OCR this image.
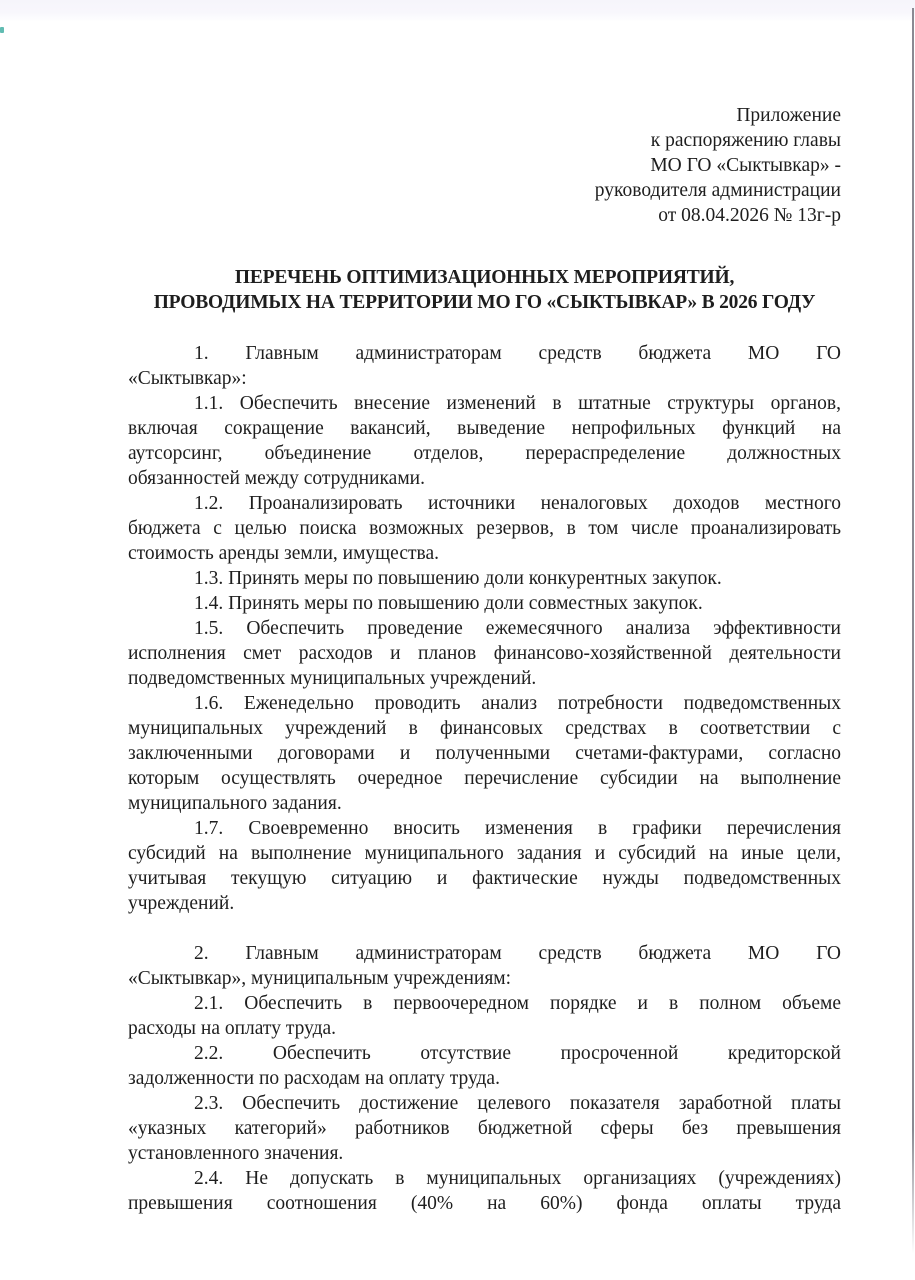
Приложение
к распоряжению главы
МО ГО «Сыктывкар» -
руководителя администрации
от 08.04.2026 № 13г-р
ПЕРЕЧЕНЬ ОПТИМИЗАЦИОННЫХ МЕРОПРИЯТИЙ,
ПРОВОДИМЫХ НА ТЕРРИТОРИИ МО ГО «СЫКТЫВКАР» В 2026 ГОДУ
1. Главным администраторам средств бюджета МО ГО
«Сыктывкар»:
1.1. Обеспечить внесение изменений в штатные структуры органов,
включая сокращение вакансий, выведение непрофильных функций на
аутсорсинг, объединение отделов, перераспределение должностных
обязанностей между сотрудниками.
1.2. Проанализировать источники неналоговых доходов местного
бюджета с целью поиска возможных резервов, в том числе проанализировать
стоимость аренды земли, имущества.
1.3. Принять меры по повышению доли конкурентных закупок.
1.4. Принять меры по повышению доли совместных закупок.
1.5. Обеспечить проведение ежемесячного анализа эффективности
исполнения смет расходов и планов финансово-хозяйственной деятельности
подведомственных муниципальных учреждений.
1.6. Еженедельно проводить анализ потребности подведомственных
муниципальных учреждений в финансовых средствах в соответствии с
заключенными договорами и полученными счетами-фактурами, согласно
которым осуществлять очередное перечисление субсидии на выполнение
муниципального задания.
1.7. Своевременно вносить изменения в графики перечисления
субсидий на выполнение муниципального задания и субсидий на иные цели,
учитывая текущую ситуацию и фактические нужды подведомственных
учреждений.
2. Главным администраторам средств бюджета МО ГО
«Сыктывкар», муниципальным учреждениям:
2.1. Обеспечить в первоочередном порядке и в полном объеме
расходы на оплату труда.
2.2. Обеспечить отсутствие просроченной кредиторской
задолженности по расходам на оплату труда.
2.3. Обеспечить достижение целевого показателя заработной платы
«указных категорий» работников бюджетной сферы без превышения
установленного значения.
2.4. Не допускать в муниципальных организациях (учреждениях)
превышения соотношения (40% на 60%) фонда оплаты труда
